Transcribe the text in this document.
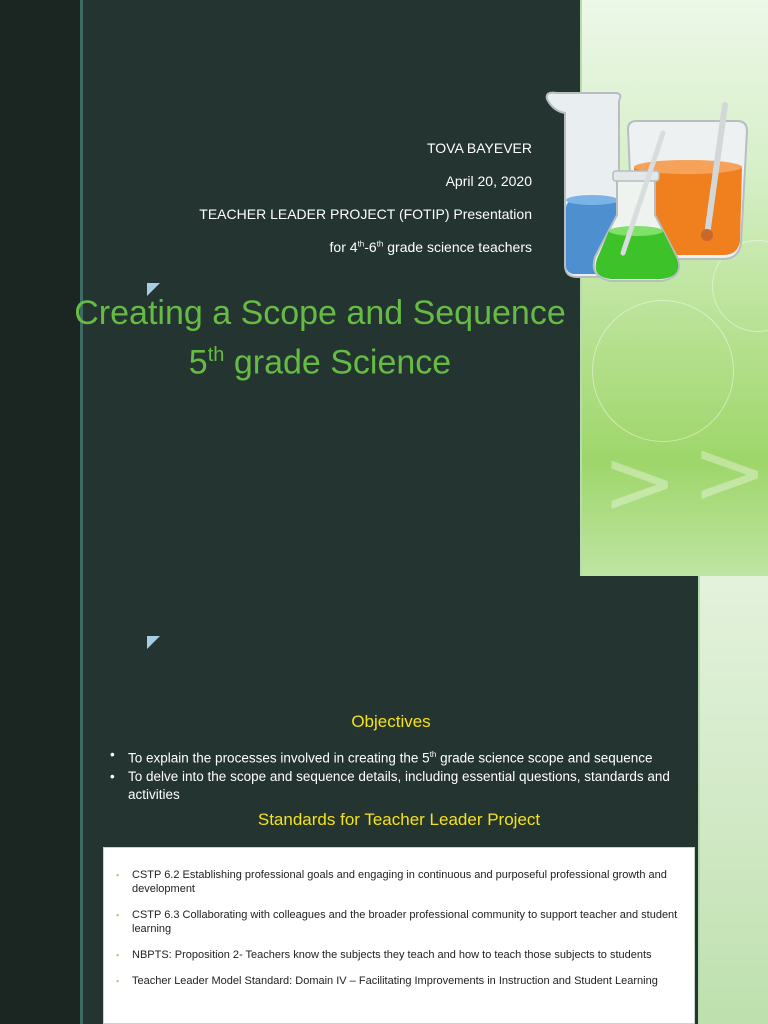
> >
TOVA BAYEVER
April 20, 2020
TEACHER LEADER PROJECT (FOTIP) Presentation
for 4th-6th grade science teachers
Creating a Scope and Sequence
5th grade Science
Objectives
• To explain the processes involved in creating the 5th grade science scope and sequence
• To delve into the scope and sequence details, including essential questions, standards and activities
Standards for Teacher Leader Project
▪ CSTP 6.2 Establishing professional goals and engaging in continuous and purposeful professional growth and development
▪ CSTP 6.3 Collaborating with colleagues and the broader professional community to support teacher and student learning
▪ NBPTS: Proposition 2- Teachers know the subjects they teach and how to teach those subjects to students
▪ Teacher Leader Model Standard: Domain IV – Facilitating Improvements in Instruction and Student Learning
